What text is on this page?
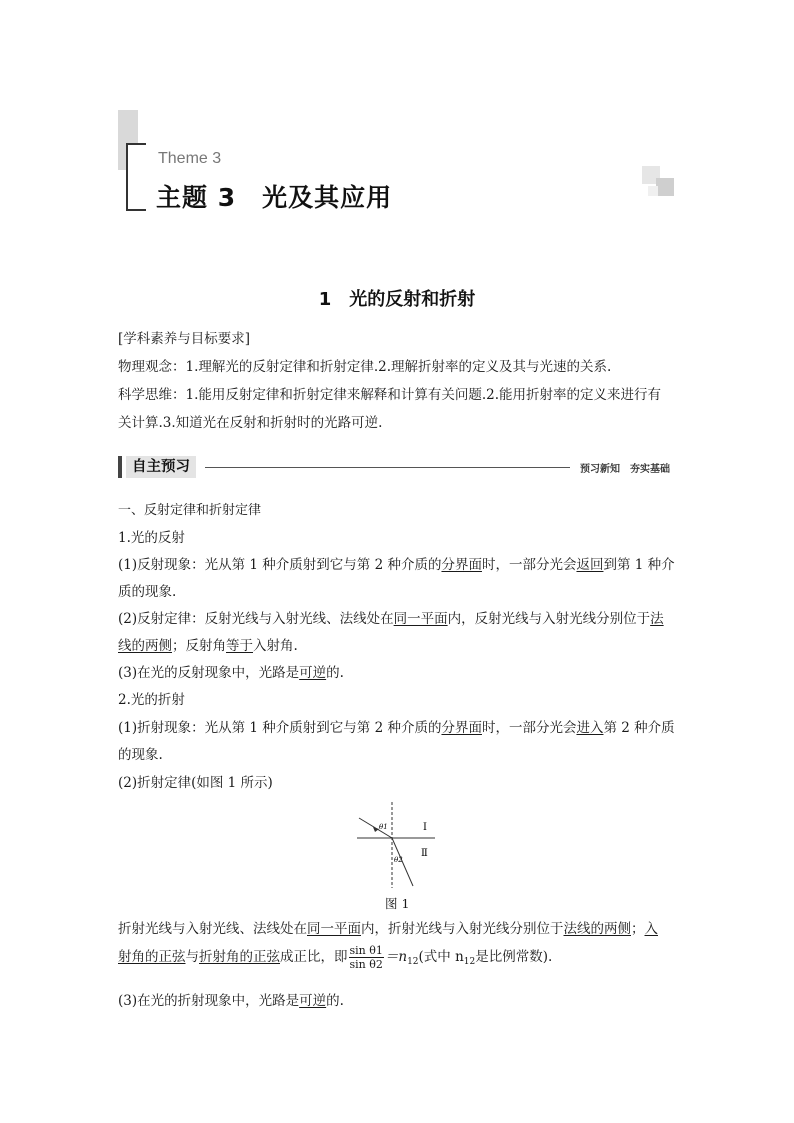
Theme 3
主题 3　光及其应用
1　光的反射和折射
[学科素养与目标要求]
物理观念：1.理解光的反射定律和折射定律.2.理解折射率的定义及其与光速的关系.
科学思维：1.能用反射定律和折射定律来解释和计算有关问题.2.能用折射率的定义来进行有
关计算.3.知道光在反射和折射时的光路可逆.
自主预习	预习新知　夯实基础
一、反射定律和折射定律
1.光的反射
(1)反射现象：光从第 1 种介质射到它与第 2 种介质的分界面时，一部分光会返回到第 1 种介
质的现象.
(2)反射定律：反射光线与入射光线、法线处在同一平面内，反射光线与入射光线分别位于法
线的两侧；反射角等于入射角.
(3)在光的反射现象中，光路是可逆的.
2.光的折射
(1)折射现象：光从第 1 种介质射到它与第 2 种介质的分界面时，一部分光会进入第 2 种介质
的现象.
(2)折射定律(如图 1 所示)
θ1
θ2
Ⅰ
Ⅱ
图 1
折射光线与入射光线、法线处在同一平面内，折射光线与入射光线分别位于法线的两侧；入
射角的正弦与折射角的正弦成正比，即 $\frac{\text{sin θ1}}{\text{sin θ2}} =n_{12}$(式中 $n_{12}$是比例常数).
(3)在光的折射现象中，光路是可逆的.
